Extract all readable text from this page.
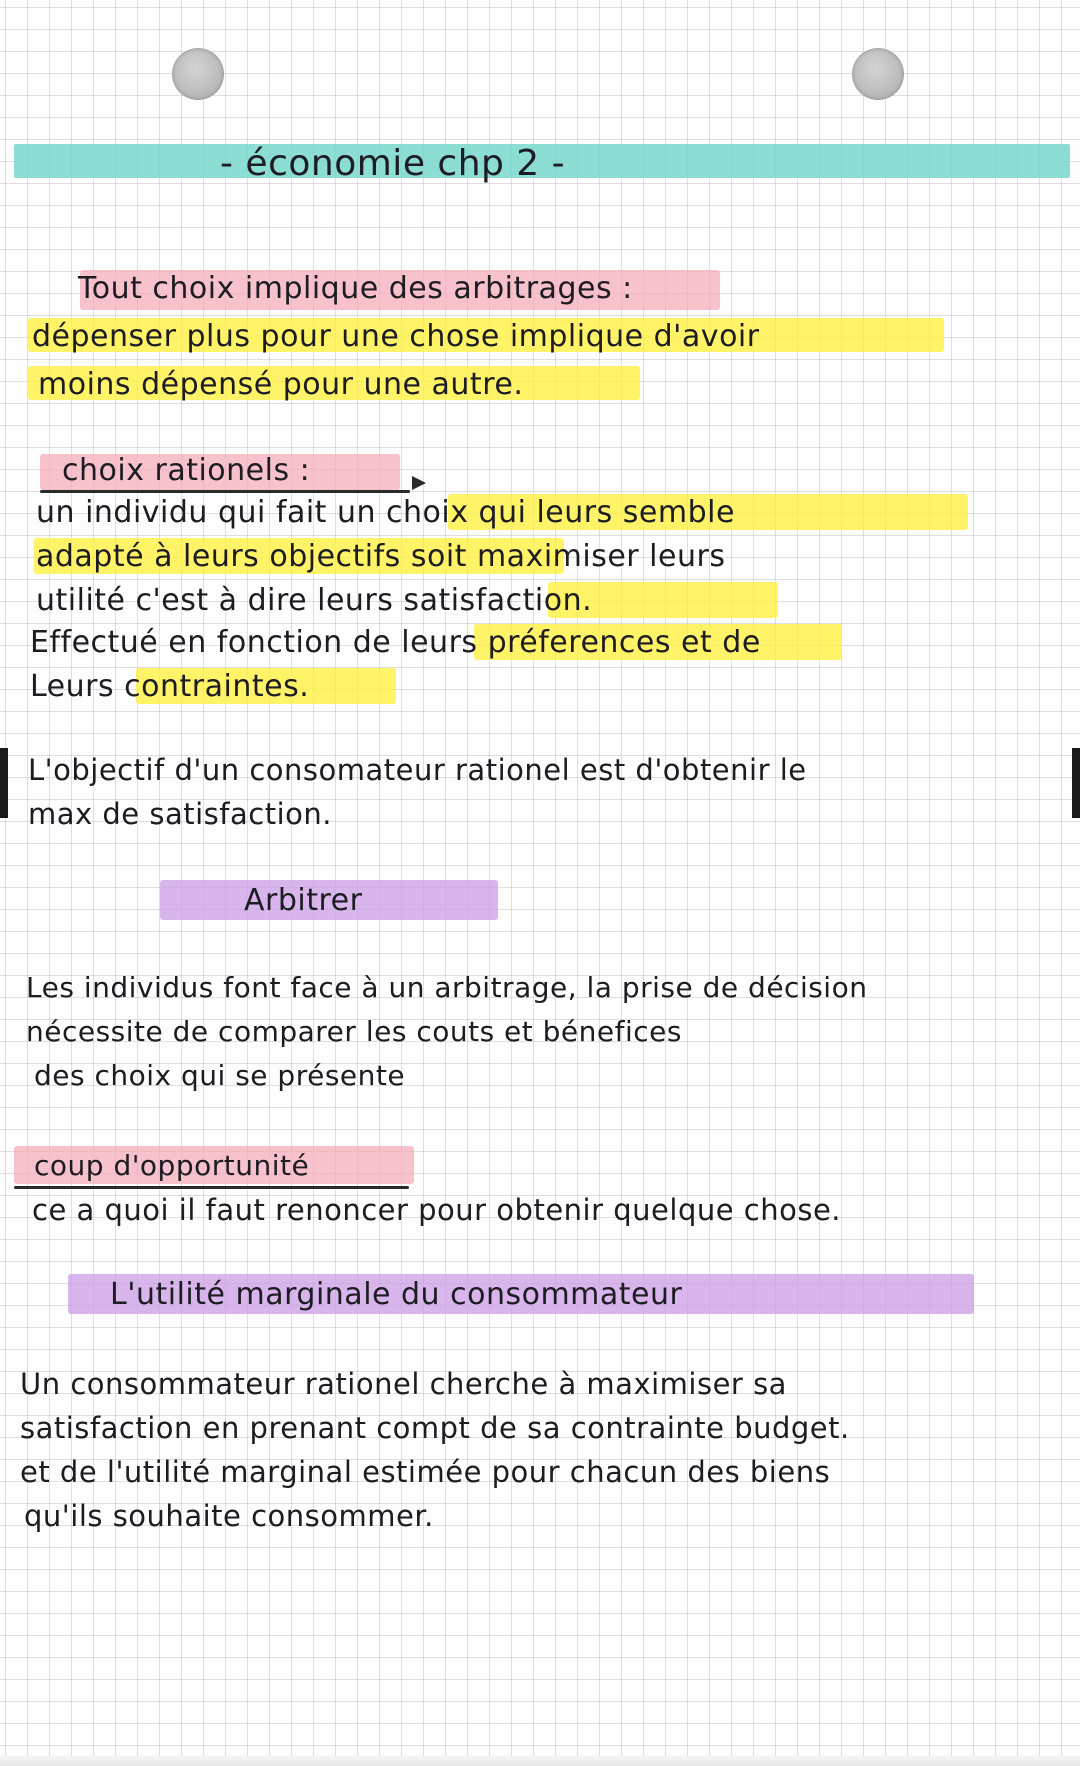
- économie chp 2 -

Tout choix implique des arbitrages :

dépenser plus pour une chose implique d'avoir

moins dépensé pour une autre.

choix rationels :

un individu qui fait un choix qui leurs semble

adapté à leurs objectifs soit maximiser leurs

utilité c'est à dire leurs satisfaction.

Effectué en fonction de leurs préferences et de

Leurs contraintes.

L'objectif d'un consomateur rationel est d'obtenir le

max de satisfaction.

Arbitrer

Les individus font face à un arbitrage, la prise de décision

nécessite de comparer les couts et bénefices

des choix qui se présente

coup d'opportunité

ce a quoi il faut renoncer pour obtenir quelque chose.

L'utilité marginale du consommateur

Un consommateur rationel cherche à maximiser sa

satisfaction en prenant compt de sa contrainte budget.

et de l'utilité marginal estimée pour chacun des biens

qu'ils souhaite consommer.
